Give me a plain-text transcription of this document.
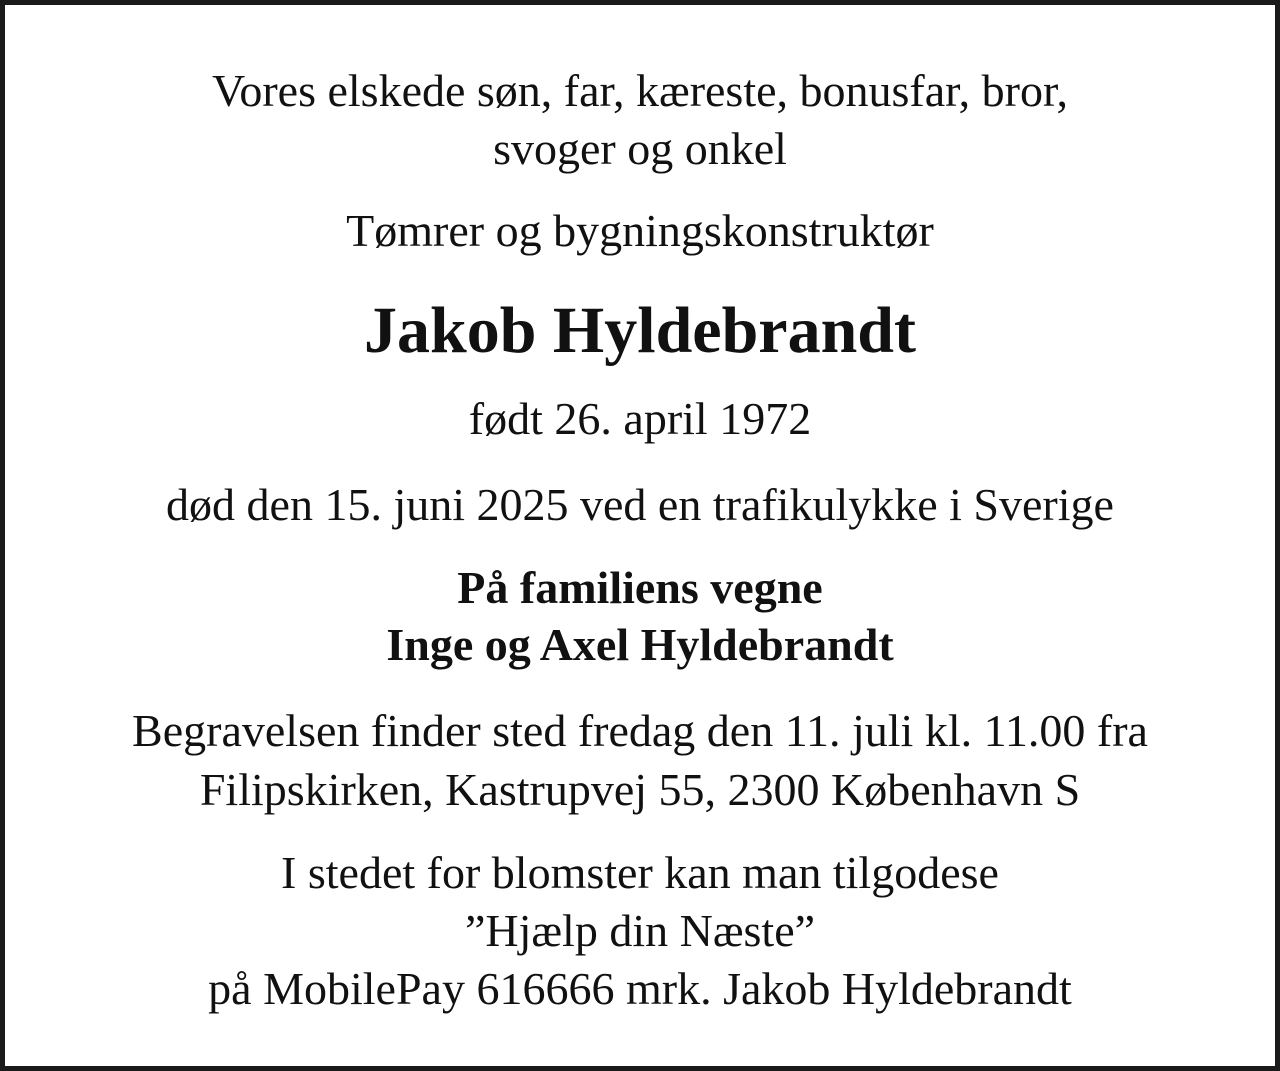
Vores elskede søn, far, kæreste, bonusfar, bror,
svoger og onkel
Tømrer og bygningskonstruktør
Jakob Hyldebrandt
født 26. april 1972
død den 15. juni 2025 ved en trafikulykke i Sverige
På familiens vegne
Inge og Axel Hyldebrandt
Begravelsen finder sted fredag den 11. juli kl. 11.00 fra
Filipskirken, Kastrupvej 55, 2300 København S
I stedet for blomster kan man tilgodese
”Hjælp din Næste”
på MobilePay 616666 mrk. Jakob Hyldebrandt
